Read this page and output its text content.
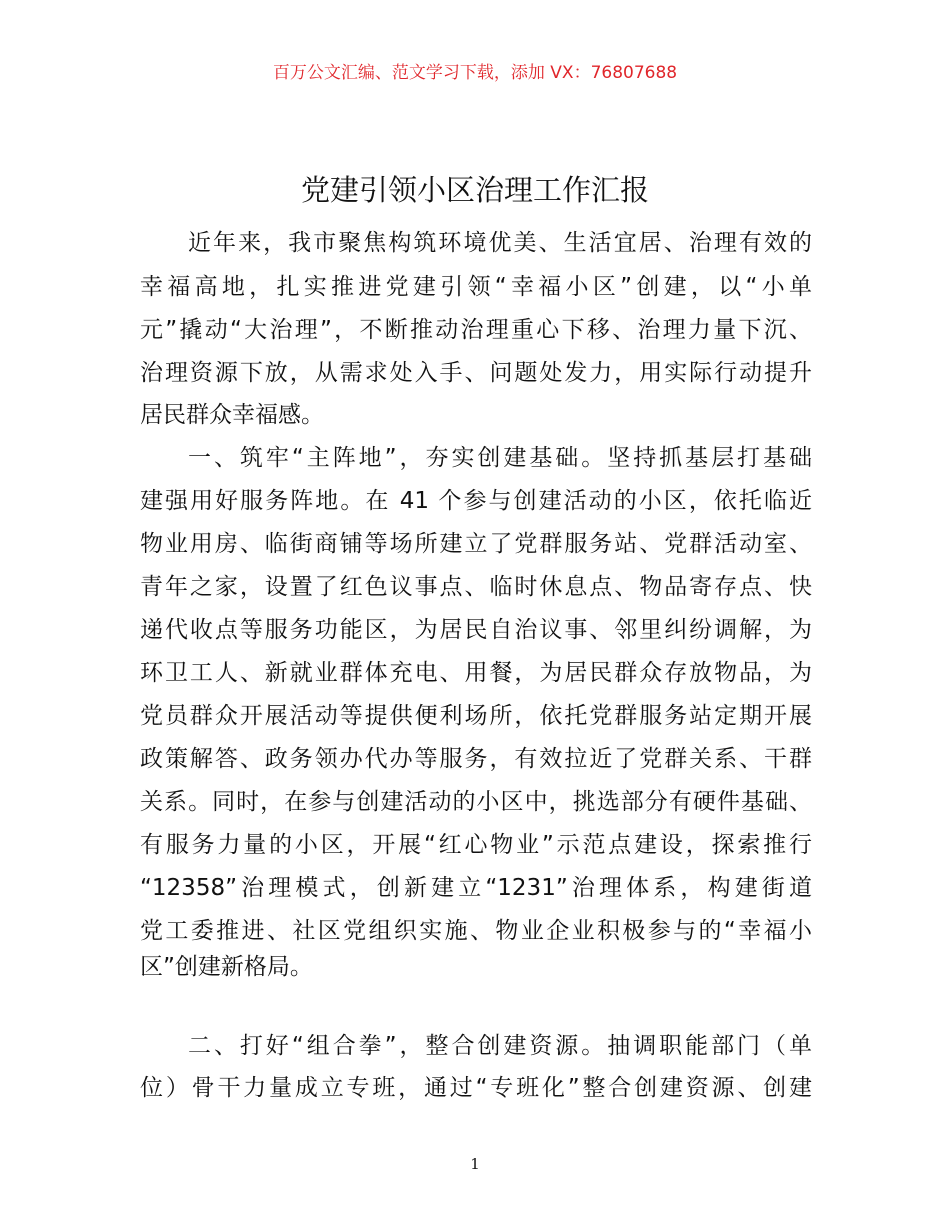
百万公文汇编、范文学习下载，添加 VX：76807688
党建引领小区治理工作汇报
近年来，我市聚焦构筑环境优美、生活宜居、治理有效的
幸福高地，扎实推进党建引领“幸福小区”创建，以“小单
元”撬动“大治理”，不断推动治理重心下移、治理力量下沉、
治理资源下放，从需求处入手、问题处发力，用实际行动提升
居民群众幸福感。
一、筑牢“主阵地”，夯实创建基础。坚持抓基层打基础
建强用好服务阵地。在 41 个参与创建活动的小区，依托临近
物业用房、临街商铺等场所建立了党群服务站、党群活动室、
青年之家，设置了红色议事点、临时休息点、物品寄存点、快
递代收点等服务功能区，为居民自治议事、邻里纠纷调解，为
环卫工人、新就业群体充电、用餐，为居民群众存放物品，为
党员群众开展活动等提供便利场所，依托党群服务站定期开展
政策解答、政务领办代办等服务，有效拉近了党群关系、干群
关系。同时，在参与创建活动的小区中，挑选部分有硬件基础、
有服务力量的小区，开展“红心物业”示范点建设，探索推行
“12358”治理模式，创新建立“1231”治理体系，构建街道
党工委推进、社区党组织实施、物业企业积极参与的“幸福小
区”创建新格局。
二、打好“组合拳”，整合创建资源。抽调职能部门（单
位）骨干力量成立专班，通过“专班化”整合创建资源、创建
1
